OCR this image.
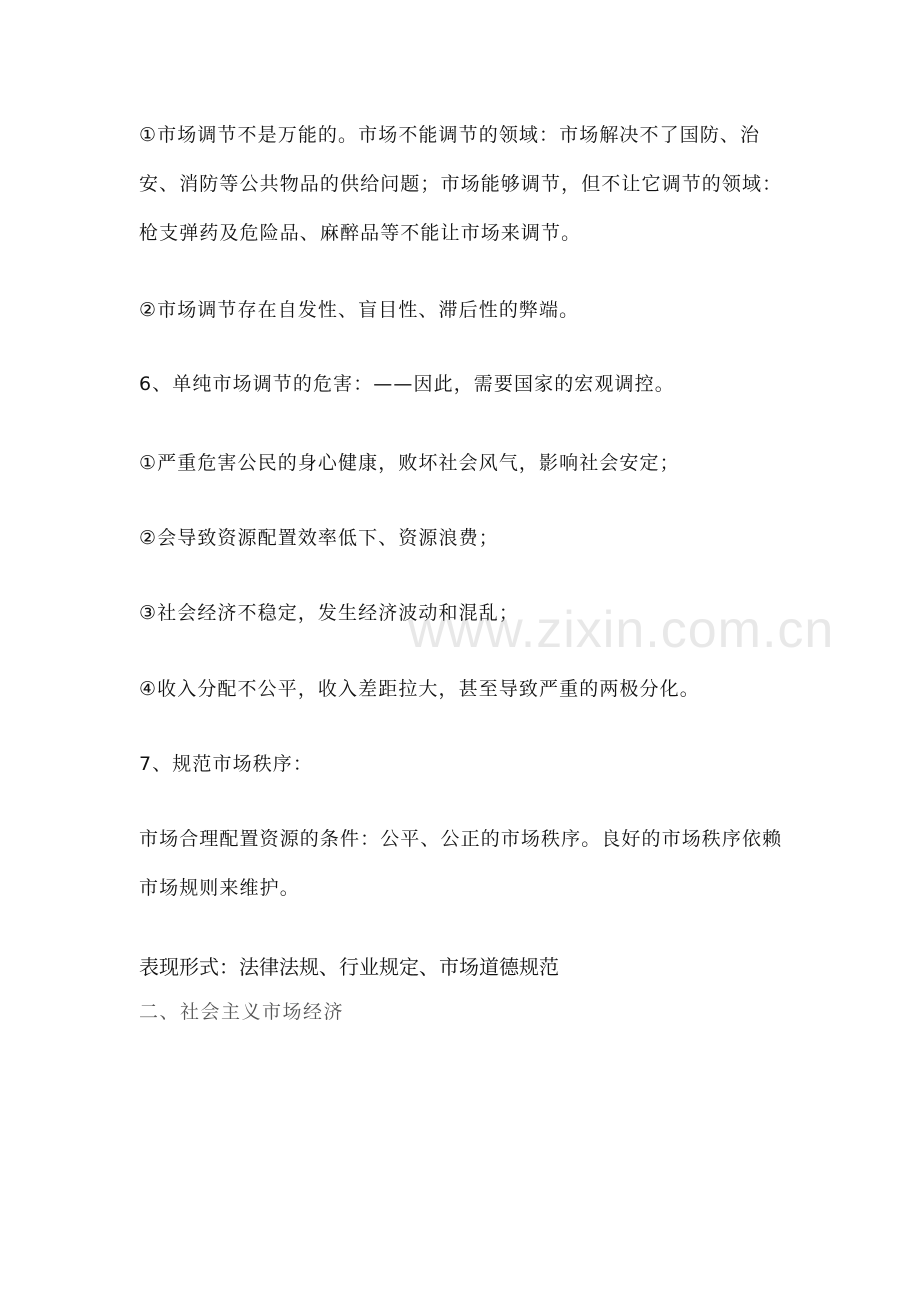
①市场调节不是万能的。市场不能调节的领域：市场解决不了国防、治安、消防等公共物品的供给问题；市场能够调节，但不让它调节的领域：枪支弹药及危险品、麻醉品等不能让市场来调节。

②市场调节存在自发性、盲目性、滞后性的弊端。

6、单纯市场调节的危害：——因此，需要国家的宏观调控。

①严重危害公民的身心健康，败坏社会风气，影响社会安定；

②会导致资源配置效率低下、资源浪费；

③社会经济不稳定，发生经济波动和混乱；

④收入分配不公平，收入差距拉大，甚至导致严重的两极分化。

7、规范市场秩序：

市场合理配置资源的条件：公平、公正的市场秩序。良好的市场秩序依赖市场规则来维护。

表现形式：法律法规、行业规定、市场道德规范
二、社会主义市场经济
www.zixin.com.cn
